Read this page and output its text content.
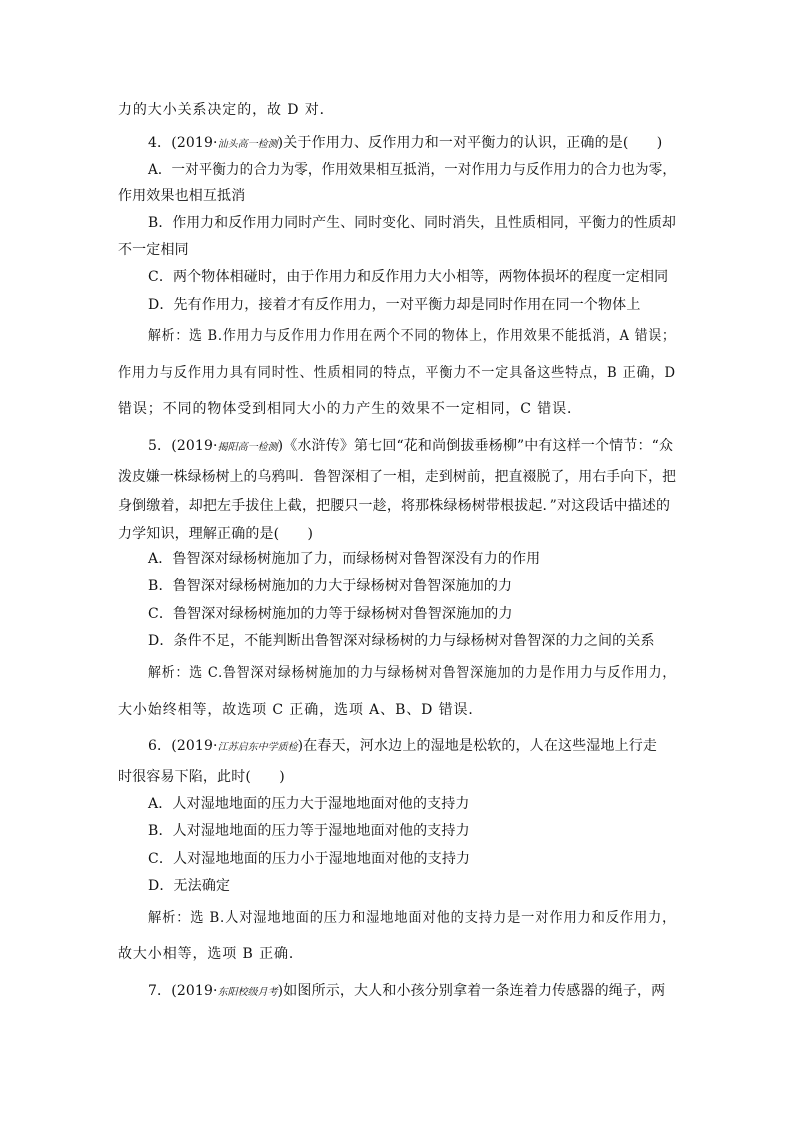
力的大小关系决定的，故 D 对．
4．(2019·汕头高一检测)关于作用力、反作用力和一对平衡力的认识，正确的是(　　)
A．一对平衡力的合力为零，作用效果相互抵消，一对作用力与反作用力的合力也为零，
作用效果也相互抵消
B．作用力和反作用力同时产生、同时变化、同时消失，且性质相同，平衡力的性质却
不一定相同
C．两个物体相碰时，由于作用力和反作用力大小相等，两物体损坏的程度一定相同
D．先有作用力，接着才有反作用力，一对平衡力却是同时作用在同一个物体上
解析：选 B.作用力与反作用力作用在两个不同的物体上，作用效果不能抵消，A 错误；
作用力与反作用力具有同时性、性质相同的特点，平衡力不一定具备这些特点，B 正确，D
错误；不同的物体受到相同大小的力产生的效果不一定相同，C 错误．
5．(2019·揭阳高一检测)《水浒传》第七回“花和尚倒拔垂杨柳”中有这样一个情节：“众
泼皮嫌一株绿杨树上的乌鸦叫．鲁智深相了一相，走到树前，把直裰脱了，用右手向下，把
身倒缴着，却把左手拔住上截，把腰只一趁，将那株绿杨树带根拔起．”对这段话中描述的
力学知识，理解正确的是(　　)
A．鲁智深对绿杨树施加了力，而绿杨树对鲁智深没有力的作用
B．鲁智深对绿杨树施加的力大于绿杨树对鲁智深施加的力
C．鲁智深对绿杨树施加的力等于绿杨树对鲁智深施加的力
D．条件不足，不能判断出鲁智深对绿杨树的力与绿杨树对鲁智深的力之间的关系
解析：选 C.鲁智深对绿杨树施加的力与绿杨树对鲁智深施加的力是作用力与反作用力，
大小始终相等，故选项 C 正确，选项 A、B、D 错误．
6．(2019·江苏启东中学质检)在春天，河水边上的湿地是松软的，人在这些湿地上行走
时很容易下陷，此时(　　)
A．人对湿地地面的压力大于湿地地面对他的支持力
B．人对湿地地面的压力等于湿地地面对他的支持力
C．人对湿地地面的压力小于湿地地面对他的支持力
D．无法确定
解析：选 B.人对湿地地面的压力和湿地地面对他的支持力是一对作用力和反作用力，
故大小相等，选项 B 正确．
7．(2019·东阳校级月考)如图所示，大人和小孩分别拿着一条连着力传感器的绳子，两
